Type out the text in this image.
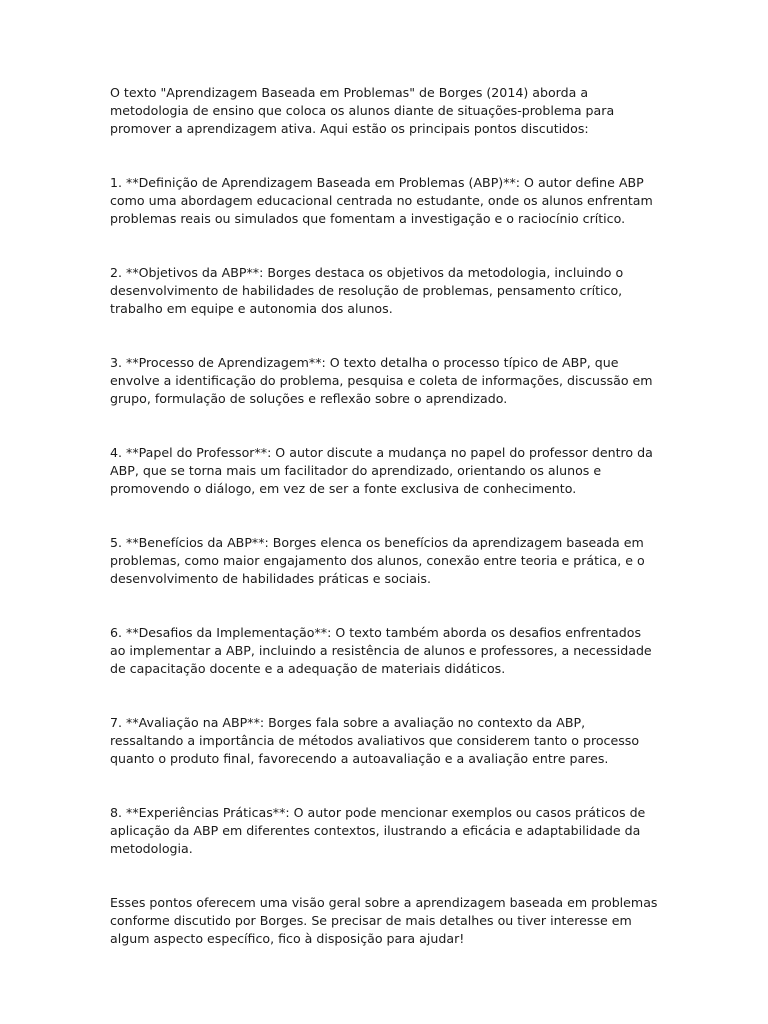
O texto "Aprendizagem Baseada em Problemas" de Borges (2014) aborda a metodologia de ensino que coloca os alunos diante de situações-problema para promover a aprendizagem ativa. Aqui estão os principais pontos discutidos:

1. **Definição de Aprendizagem Baseada em Problemas (ABP)**: O autor define ABP como uma abordagem educacional centrada no estudante, onde os alunos enfrentam problemas reais ou simulados que fomentam a investigação e o raciocínio crítico.

2. **Objetivos da ABP**: Borges destaca os objetivos da metodologia, incluindo o desenvolvimento de habilidades de resolução de problemas, pensamento crítico, trabalho em equipe e autonomia dos alunos.

3. **Processo de Aprendizagem**: O texto detalha o processo típico de ABP, que envolve a identificação do problema, pesquisa e coleta de informações, discussão em grupo, formulação de soluções e reflexão sobre o aprendizado.

4. **Papel do Professor**: O autor discute a mudança no papel do professor dentro da ABP, que se torna mais um facilitador do aprendizado, orientando os alunos e promovendo o diálogo, em vez de ser a fonte exclusiva de conhecimento.

5. **Benefícios da ABP**: Borges elenca os benefícios da aprendizagem baseada em problemas, como maior engajamento dos alunos, conexão entre teoria e prática, e o desenvolvimento de habilidades práticas e sociais.

6. **Desafios da Implementação**: O texto também aborda os desafios enfrentados ao implementar a ABP, incluindo a resistência de alunos e professores, a necessidade de capacitação docente e a adequação de materiais didáticos.

7. **Avaliação na ABP**: Borges fala sobre a avaliação no contexto da ABP, ressaltando a importância de métodos avaliativos que considerem tanto o processo quanto o produto final, favorecendo a autoavaliação e a avaliação entre pares.

8. **Experiências Práticas**: O autor pode mencionar exemplos ou casos práticos de aplicação da ABP em diferentes contextos, ilustrando a eficácia e adaptabilidade da metodologia.

Esses pontos oferecem uma visão geral sobre a aprendizagem baseada em problemas conforme discutido por Borges. Se precisar de mais detalhes ou tiver interesse em algum aspecto específico, fico à disposição para ajudar!
